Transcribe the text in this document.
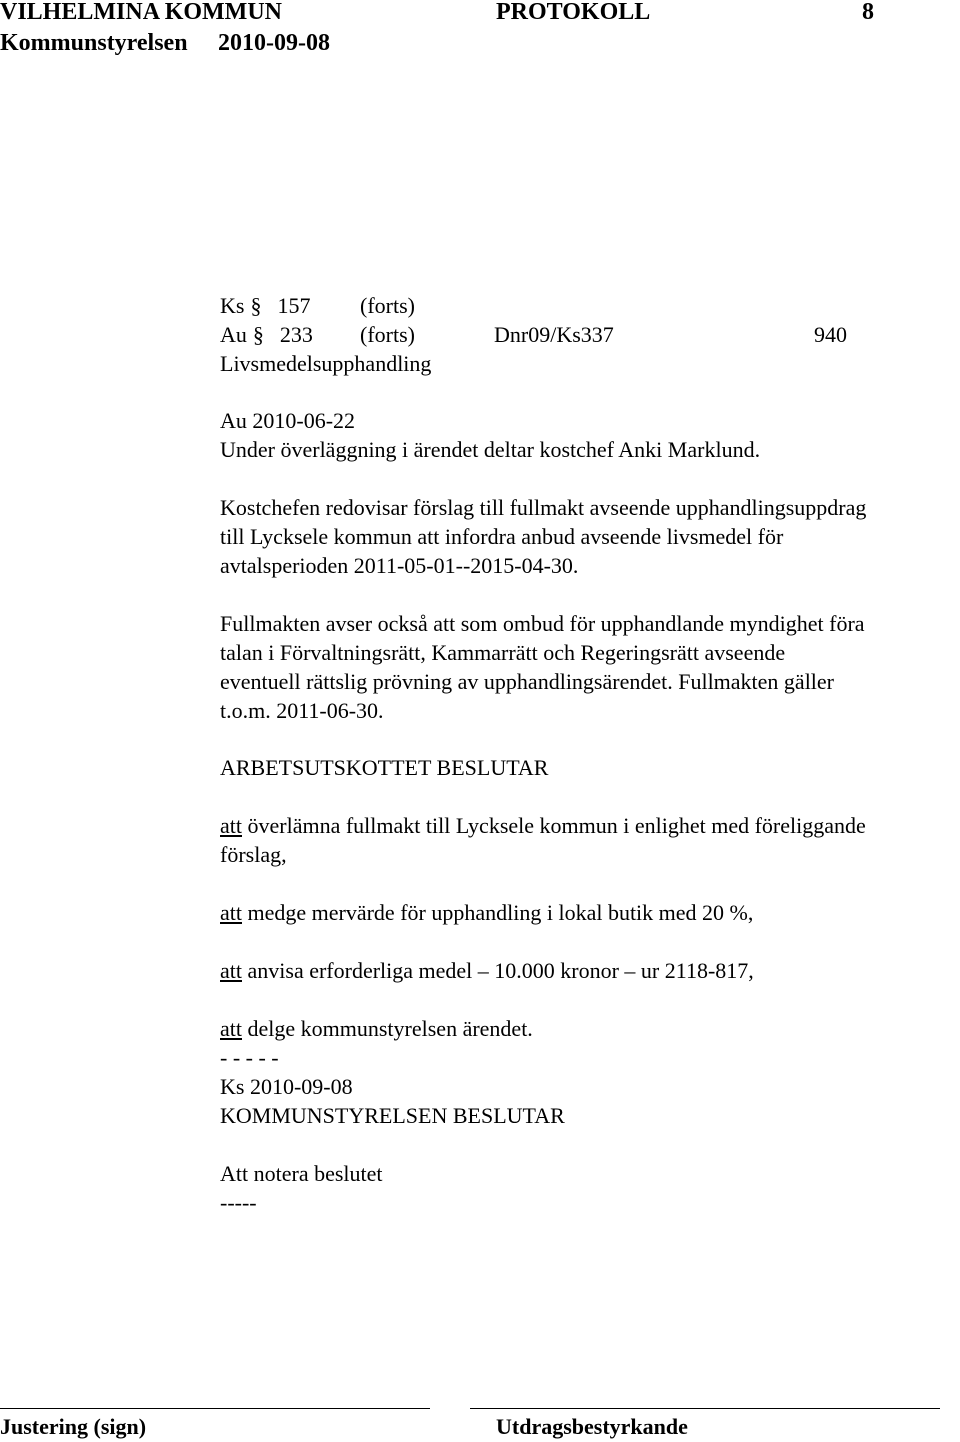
VILHELMINA KOMMUN	PROTOKOLL	8
Kommunstyrelsen 2010-09-08
Ks § 157 (forts)
Au § 233 (forts)	Dnr09/Ks337	940
Livsmedelsupphandling
Au 2010-06-22
Under överläggning i ärendet deltar kostchef Anki Marklund.
Kostchefen redovisar förslag till fullmakt avseende upphandlingsuppdrag
till Lycksele kommun att infordra anbud avseende livsmedel för
avtalsperioden 2011-05-01--2015-04-30.
Fullmakten avser också att som ombud för upphandlande myndighet föra
talan i Förvaltningsrätt, Kammarrätt och Regeringsrätt avseende
eventuell rättslig prövning av upphandlingsärendet. Fullmakten gäller
t.o.m. 2011-06-30.
ARBETSUTSKOTTET BESLUTAR
att överlämna fullmakt till Lycksele kommun i enlighet med föreliggande
förslag,
att medge mervärde för upphandling i lokal butik med 20 %,
att anvisa erforderliga medel – 10.000 kronor – ur 2118-817,
att delge kommunstyrelsen ärendet.
- - - - -
Ks 2010-09-08
KOMMUNSTYRELSEN BESLUTAR
Att notera beslutet
-----
Justering (sign)	Utdragsbestyrkande
